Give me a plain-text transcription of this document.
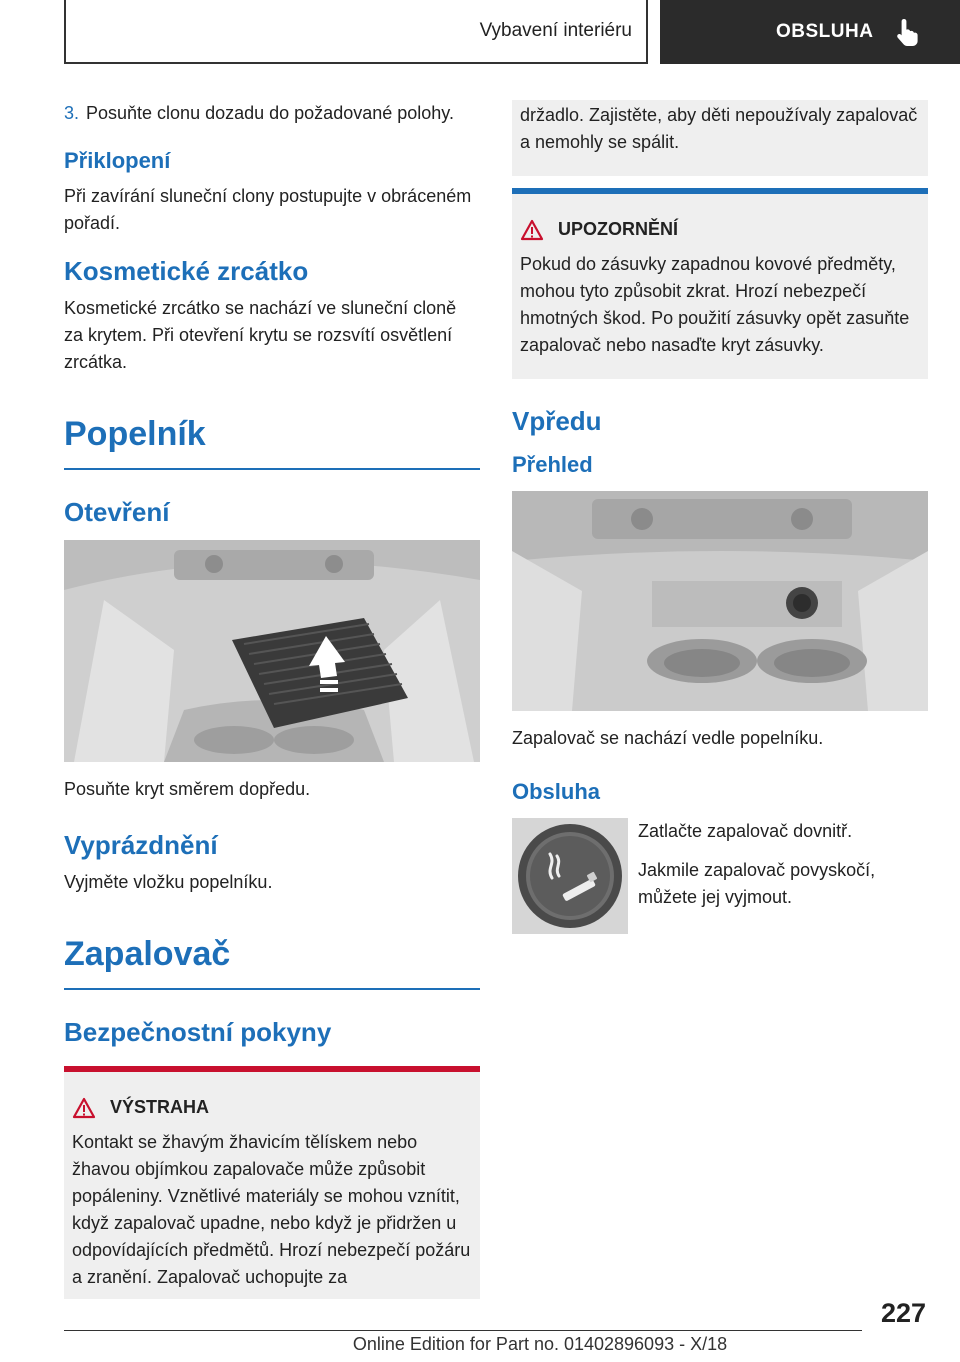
Vybavení interiéru	OBSLUHA
3. Posuňte clonu dozadu do požadované polohy.
Přiklopení

Při zavírání sluneční clony postupujte v obráceném pořadí.

Kosmetické zrcátko

Kosmetické zrcátko se nachází ve sluneční cloně za krytem. Při otevření krytu se rozsvítí osvětlení zrcátka.

Popelník
Otevření

Posuňte kryt směrem dopředu.

Vyprázdnění

Vyjměte vložku popelníku.

Zapalovač
Bezpečnostní pokyny
VÝSTRAHA

Kontakt se žhavým žhavicím tělískem nebo žhavou objímkou zapalovače může způsobit popáleniny. Vznětlivé materiály se mohou vznítit, když zapalovač upadne, nebo když je přidržen u odpovídajících předmětů. Hrozí nebezpečí požáru a zranění. Zapalovač uchopujte za

držadlo. Zajistěte, aby děti nepoužívaly zapalovač a nemohly se spálit.

UPOZORNĚNÍ

Pokud do zásuvky zapadnou kovové předměty, mohou tyto způsobit zkrat. Hrozí nebezpečí hmotných škod. Po použití zásuvky opět zasuňte zapalovač nebo nasaďte kryt zásuvky.

Vpředu
Přehled

Zapalovač se nachází vedle popelníku.

Obsluha

Zatlačte zapalovač dovnitř.

Jakmile zapalovač povyskočí, můžete jej vyjmout.

227
Online Edition for Part no. 01402896093 - X/18
